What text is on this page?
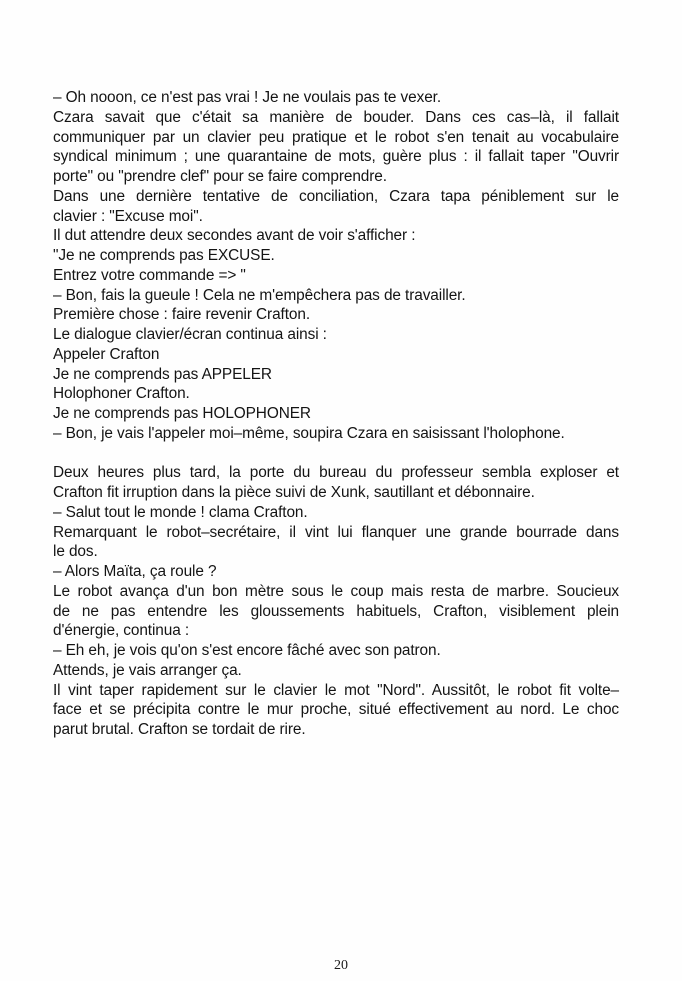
– Oh nooon, ce n'est pas vrai ! Je ne voulais pas te vexer.
Czara savait que c'était sa manière de bouder. Dans ces cas–là, il fallait
communiquer par un clavier peu pratique et le robot s'en tenait au vocabulaire
syndical minimum ; une quarantaine de mots, guère plus : il fallait taper "Ouvrir
porte" ou "prendre clef" pour se faire comprendre.
Dans une dernière tentative de conciliation, Czara tapa péniblement sur le
clavier : "Excuse moi".
Il dut attendre deux secondes avant de voir s'afficher :
"Je ne comprends pas EXCUSE.
Entrez votre commande => "
– Bon, fais la gueule ! Cela ne m'empêchera pas de travailler.
Première chose : faire revenir Crafton.
Le dialogue clavier/écran continua ainsi :
Appeler Crafton
Je ne comprends pas APPELER
Holophoner Crafton.
Je ne comprends pas HOLOPHONER
– Bon, je vais l'appeler moi–même, soupira Czara en saisissant l'holophone.
Deux heures plus tard, la porte du bureau du professeur sembla exploser et
Crafton fit irruption dans la pièce suivi de Xunk, sautillant et débonnaire.
– Salut tout le monde ! clama Crafton.
Remarquant le robot–secrétaire, il vint lui flanquer une grande bourrade dans
le dos.
– Alors Maïta, ça roule ?
Le robot avança d'un bon mètre sous le coup mais resta de marbre. Soucieux
de ne pas entendre les gloussements habituels, Crafton, visiblement plein
d'énergie, continua :
– Eh eh, je vois qu'on s'est encore fâché avec son patron.
Attends, je vais arranger ça.
Il vint taper rapidement sur le clavier le mot "Nord". Aussitôt, le robot fit volte–
face et se précipita contre le mur proche, situé effectivement au nord. Le choc
parut brutal. Crafton se tordait de rire.
20
